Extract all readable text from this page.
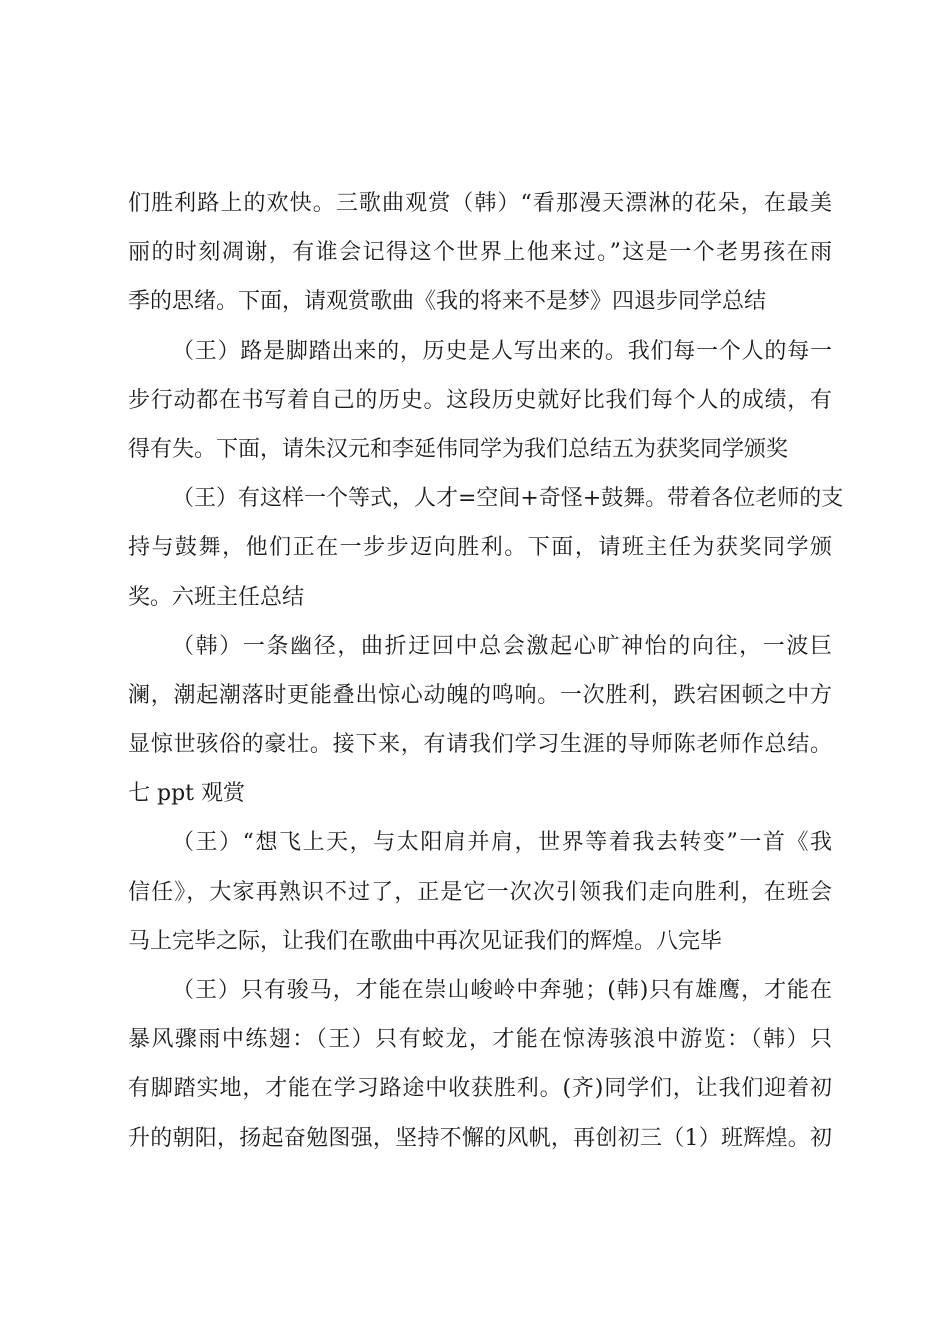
们胜利路上的欢快。三歌曲观赏（韩）“看那漫天漂淋的花朵，在最美
丽的时刻凋谢，有谁会记得这个世界上他来过。”这是一个老男孩在雨
季的思绪。下面，请观赏歌曲《我的将来不是梦》四退步同学总结
（王）路是脚踏出来的，历史是人写出来的。我们每一个人的每一
步行动都在书写着自己的历史。这段历史就好比我们每个人的成绩，有
得有失。下面，请朱汉元和李延伟同学为我们总结五为获奖同学颁奖
（王）有这样一个等式，人才=空间+奇怪+鼓舞。带着各位老师的支
持与鼓舞，他们正在一步步迈向胜利。下面，请班主任为获奖同学颁
奖。六班主任总结
（韩）一条幽径，曲折迂回中总会激起心旷神怡的向往，一波巨
澜，潮起潮落时更能叠出惊心动魄的鸣响。一次胜利，跌宕困顿之中方
显惊世骇俗的豪壮。接下来，有请我们学习生涯的导师陈老师作总结。
七 ppt 观赏
（王）“想飞上天，与太阳肩并肩，世界等着我去转变”一首《我
信任》，大家再熟识不过了，正是它一次次引领我们走向胜利，在班会
马上完毕之际，让我们在歌曲中再次见证我们的辉煌。八完毕
（王）只有骏马，才能在崇山峻岭中奔驰；(韩)只有雄鹰，才能在
暴风骤雨中练翅：（王）只有蛟龙，才能在惊涛骇浪中游览：（韩）只
有脚踏实地，才能在学习路途中收获胜利。(齐)同学们，让我们迎着初
升的朝阳，扬起奋勉图强，坚持不懈的风帆，再创初三（1）班辉煌。初
